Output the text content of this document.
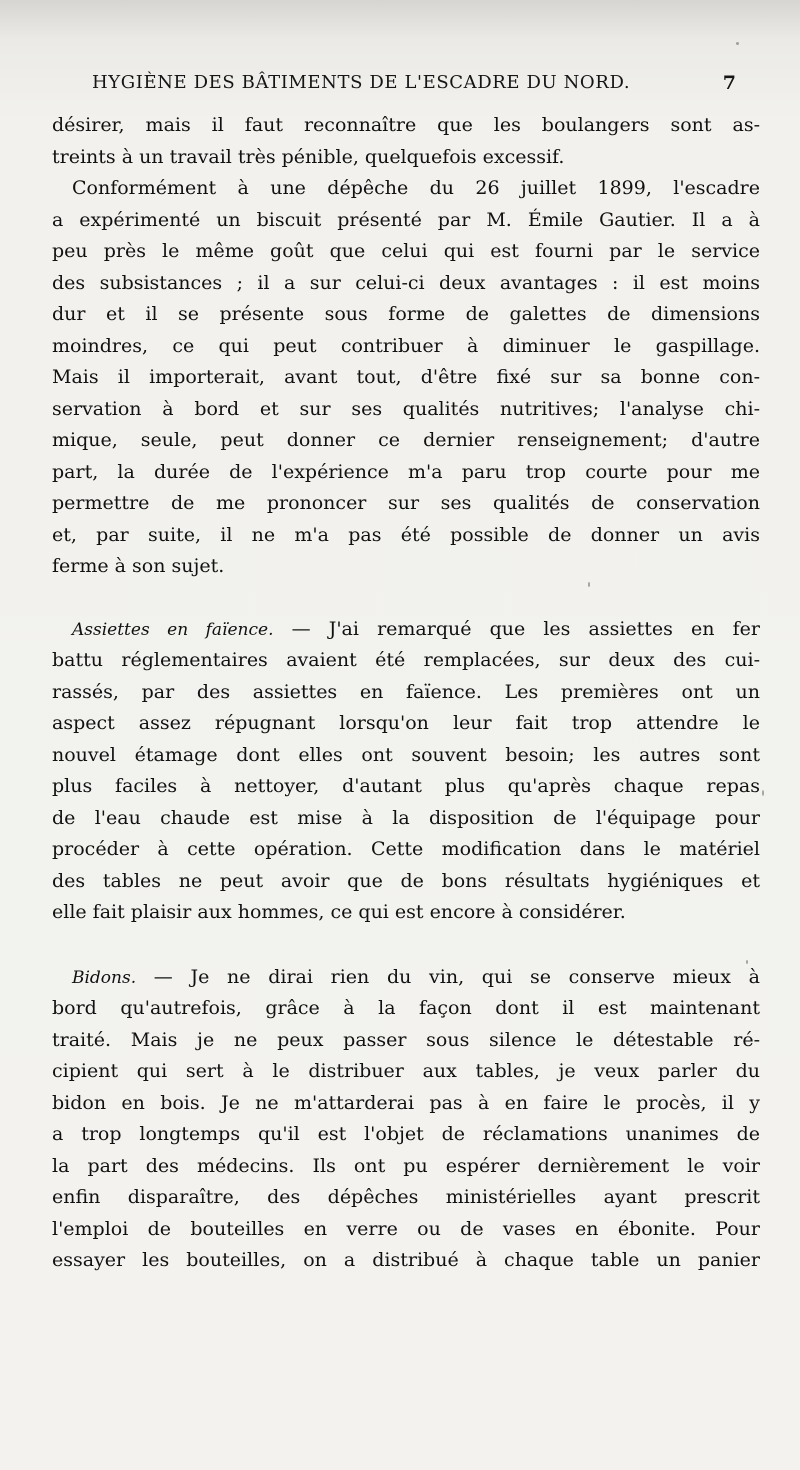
HYGIÈNE DES BÂTIMENTS DE L'ESCADRE DU NORD.	7
désirer, mais il faut reconnaître que les boulangers sont as-
treints à un travail très pénible, quelquefois excessif.
Conformément à une dépêche du 26 juillet 1899, l'escadre
a expérimenté un biscuit présenté par M. Émile Gautier. Il a à
peu près le même goût que celui qui est fourni par le service
des subsistances ; il a sur celui-ci deux avantages : il est moins
dur et il se présente sous forme de galettes de dimensions
moindres, ce qui peut contribuer à diminuer le gaspillage.
Mais il importerait, avant tout, d'être fixé sur sa bonne con-
servation à bord et sur ses qualités nutritives; l'analyse chi-
mique, seule, peut donner ce dernier renseignement; d'autre
part, la durée de l'expérience m'a paru trop courte pour me
permettre de me prononcer sur ses qualités de conservation
et, par suite, il ne m'a pas été possible de donner un avis
ferme à son sujet.
Assiettes en faïence. — J'ai remarqué que les assiettes en fer
battu réglementaires avaient été remplacées, sur deux des cui-
rassés, par des assiettes en faïence. Les premières ont un
aspect assez répugnant lorsqu'on leur fait trop attendre le
nouvel étamage dont elles ont souvent besoin; les autres sont
plus faciles à nettoyer, d'autant plus qu'après chaque repas
de l'eau chaude est mise à la disposition de l'équipage pour
procéder à cette opération. Cette modification dans le matériel
des tables ne peut avoir que de bons résultats hygiéniques et
elle fait plaisir aux hommes, ce qui est encore à considérer.
Bidons. — Je ne dirai rien du vin, qui se conserve mieux à
bord qu'autrefois, grâce à la façon dont il est maintenant
traité. Mais je ne peux passer sous silence le détestable ré-
cipient qui sert à le distribuer aux tables, je veux parler du
bidon en bois. Je ne m'attarderai pas à en faire le procès, il y
a trop longtemps qu'il est l'objet de réclamations unanimes de
la part des médecins. Ils ont pu espérer dernièrement le voir
enfin disparaître, des dépêches ministérielles ayant prescrit
l'emploi de bouteilles en verre ou de vases en ébonite. Pour
essayer les bouteilles, on a distribué à chaque table un panier
